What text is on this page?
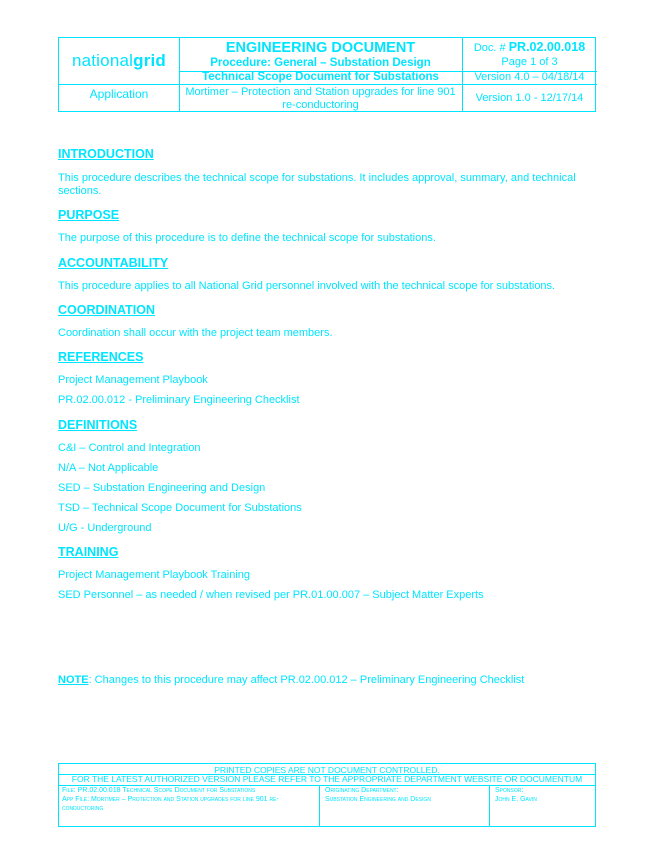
national grid
Application
ENGINEERING DOCUMENT
Procedure: General – Substation Design
Technical Scope Document for Substations
Mortimer – Protection and Station upgrades for line 901 re-conductoring
Doc. # PR.02.00.018
Page 1 of 3
Version 4.0 – 04/18/14
Version 1.0 - 12/17/14

INTRODUCTION

This procedure describes the technical scope for substations. It includes approval, summary, and technical sections.

PURPOSE

The purpose of this procedure is to define the technical scope for substations.

ACCOUNTABILITY

This procedure applies to all National Grid personnel involved with the technical scope for substations.

COORDINATION

Coordination shall occur with the project team members.

REFERENCES

Project Management Playbook

PR.02.00.012 - Preliminary Engineering Checklist

DEFINITIONS

C&I – Control and Integration

N/A – Not Applicable

SED – Substation Engineering and Design

TSD – Technical Scope Document for Substations

U/G - Underground

TRAINING

Project Management Playbook Training

SED Personnel – as needed / when revised per PR.01.00.007 – Subject Matter Experts

NOTE: Changes to this procedure may affect PR.02.00.012 – Preliminary Engineering Checklist

PRINTED COPIES ARE NOT DOCUMENT CONTROLLED.
FOR THE LATEST AUTHORIZED VERSION PLEASE REFER TO THE APPROPRIATE DEPARTMENT WEBSITE OR DOCUMENTUM
File: PR.02.00.018 Technical Scope Document for Substations
App File: Mortimer – Protection and Station upgrades for line 901 re-conductoring
Originating Department:
Substation Engineering and Design
Sponsor:
John E. Gavin
